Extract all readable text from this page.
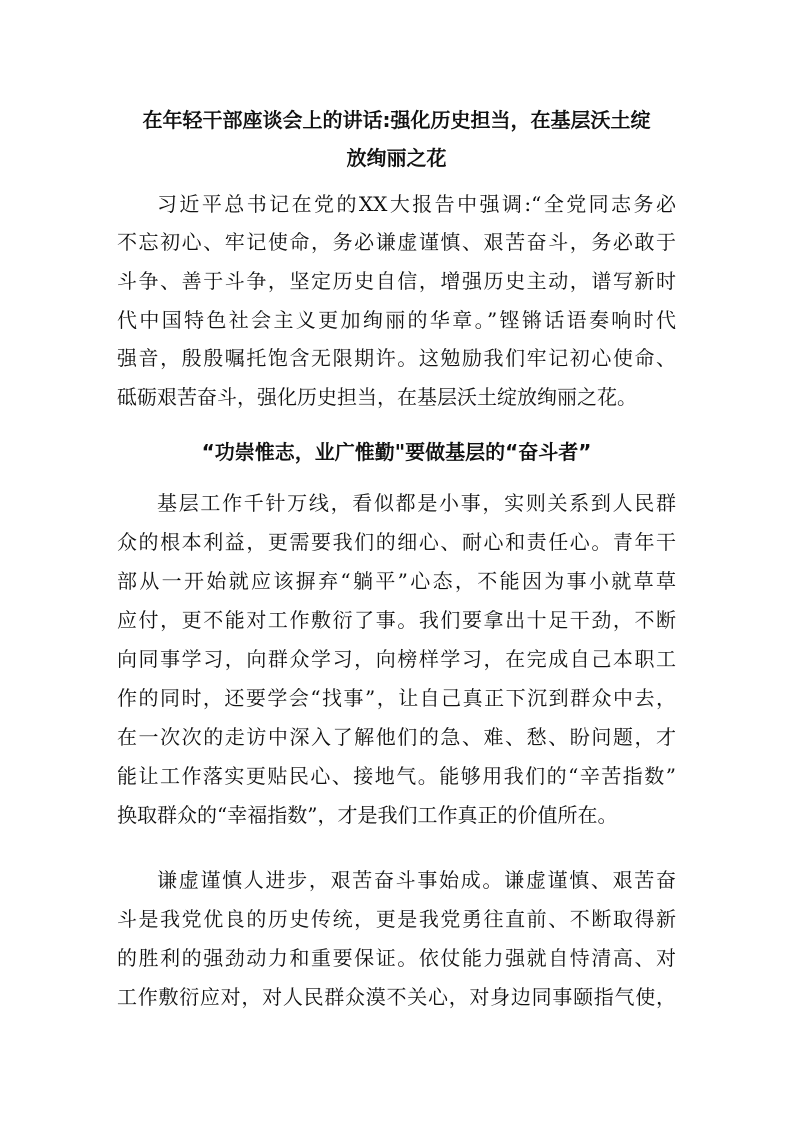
在年轻干部座谈会上的讲话:强化历史担当，在基层沃土绽
放绚丽之花
习近平总书记在党的XX大报告中强调:“全党同志务必
不忘初心、牢记使命，务必谦虚谨慎、艰苦奋斗，务必敢于
斗争、善于斗争，坚定历史自信，增强历史主动，谱写新时
代中国特色社会主义更加绚丽的华章。”铿锵话语奏响时代
强音，殷殷嘱托饱含无限期许。这勉励我们牢记初心使命、
砥砺艰苦奋斗，强化历史担当，在基层沃土绽放绚丽之花。
“功崇惟志，业广惟勤"要做基层的“奋斗者”
基层工作千针万线，看似都是小事，实则关系到人民群
众的根本利益，更需要我们的细心、耐心和责任心。青年干
部从一开始就应该摒弃“躺平”心态，不能因为事小就草草
应付，更不能对工作敷衍了事。我们要拿出十足干劲，不断
向同事学习，向群众学习，向榜样学习，在完成自己本职工
作的同时，还要学会“找事”，让自己真正下沉到群众中去，
在一次次的走访中深入了解他们的急、难、愁、盼问题，才
能让工作落实更贴民心、接地气。能够用我们的“辛苦指数”
换取群众的“幸福指数”，才是我们工作真正的价值所在。
谦虚谨慎人进步，艰苦奋斗事始成。谦虚谨慎、艰苦奋
斗是我党优良的历史传统，更是我党勇往直前、不断取得新
的胜利的强劲动力和重要保证。依仗能力强就自恃清高、对
工作敷衍应对，对人民群众漠不关心，对身边同事颐指气使，
